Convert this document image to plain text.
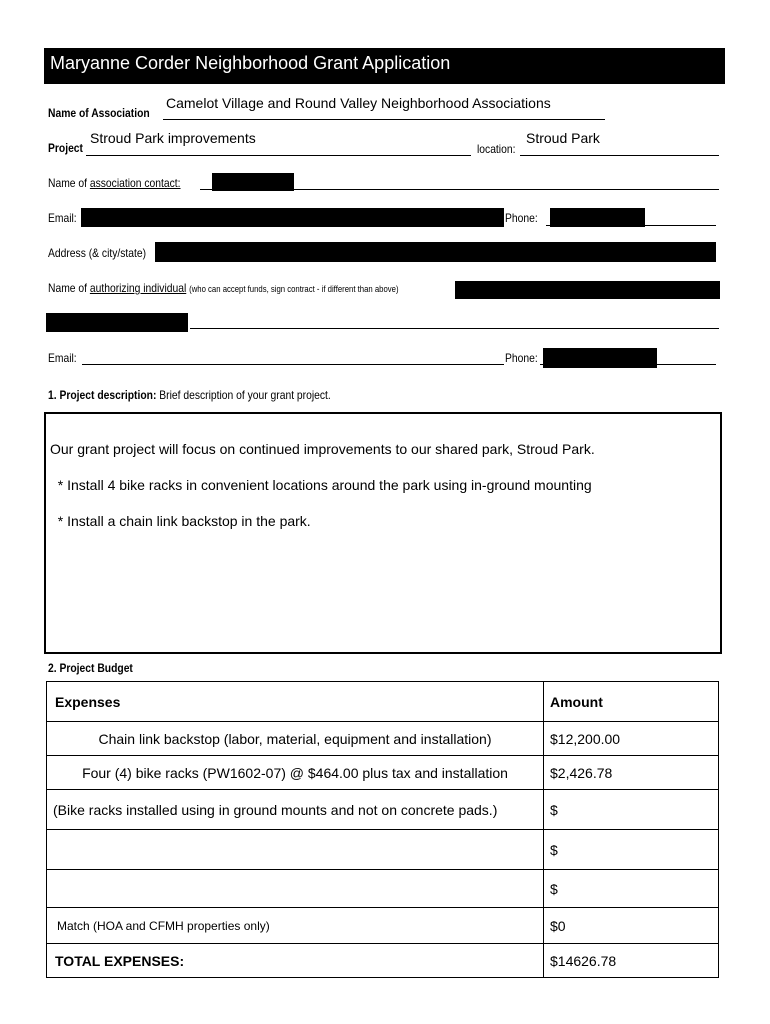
Maryanne Corder Neighborhood Grant Application
Name of Association
Camelot Village and Round Valley Neighborhood Associations
Project
Stroud Park improvements
location:
Stroud Park
Name of association contact:
Email:	Phone:
Address (& city/state)
Name of authorizing individual (who can accept funds, sign contract - if different than above)
Email:	Phone:
1. Project description: Brief description of your grant project.
Our grant project will focus on continued improvements to our shared park, Stroud Park.
* Install 4 bike racks in convenient locations around the park using in-ground mounting
* Install a chain link backstop in the park.
2. Project Budget
Expenses	Amount
Chain link backstop (labor, material, equipment and installation)	$12,200.00
Four (4) bike racks (PW1602-07) @ $464.00 plus tax and installation	$2,426.78
(Bike racks installed using in ground mounts and not on concrete pads.)	$
	$
	$
Match (HOA and CFMH properties only)	$0
TOTAL EXPENSES:	$14626.78
